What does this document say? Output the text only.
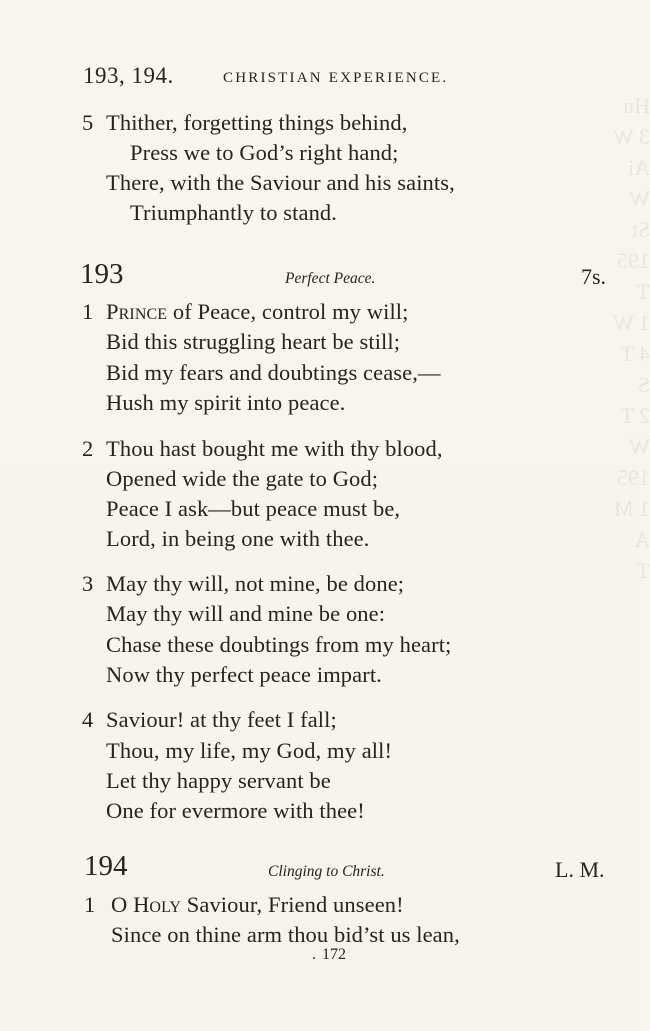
Hu
3 W
Ai
W
St
195
T
1 W
4 T
S
2 T
W
195
1 M
A
T
193, 194.	CHRISTIAN EXPERIENCE.
5 Thither, forgetting things behind,
Press we to God’s right hand;
There, with the Saviour and his saints,
Triumphantly to stand.
193	Perfect Peace.	7s.
1 Prince of Peace, control my will;
Bid this struggling heart be still;
Bid my fears and doubtings cease,—
Hush my spirit into peace.
2 Thou hast bought me with thy blood,
Opened wide the gate to God;
Peace I ask—but peace must be,
Lord, in being one with thee.
3 May thy will, not mine, be done;
May thy will and mine be one:
Chase these doubtings from my heart;
Now thy perfect peace impart.
4 Saviour! at thy feet I fall;
Thou, my life, my God, my all!
Let thy happy servant be
One for evermore with thee!
194	Clinging to Christ.	L. M.
1 O Holy Saviour, Friend unseen!
Since on thine arm thou bid’st us lean,
. 172
